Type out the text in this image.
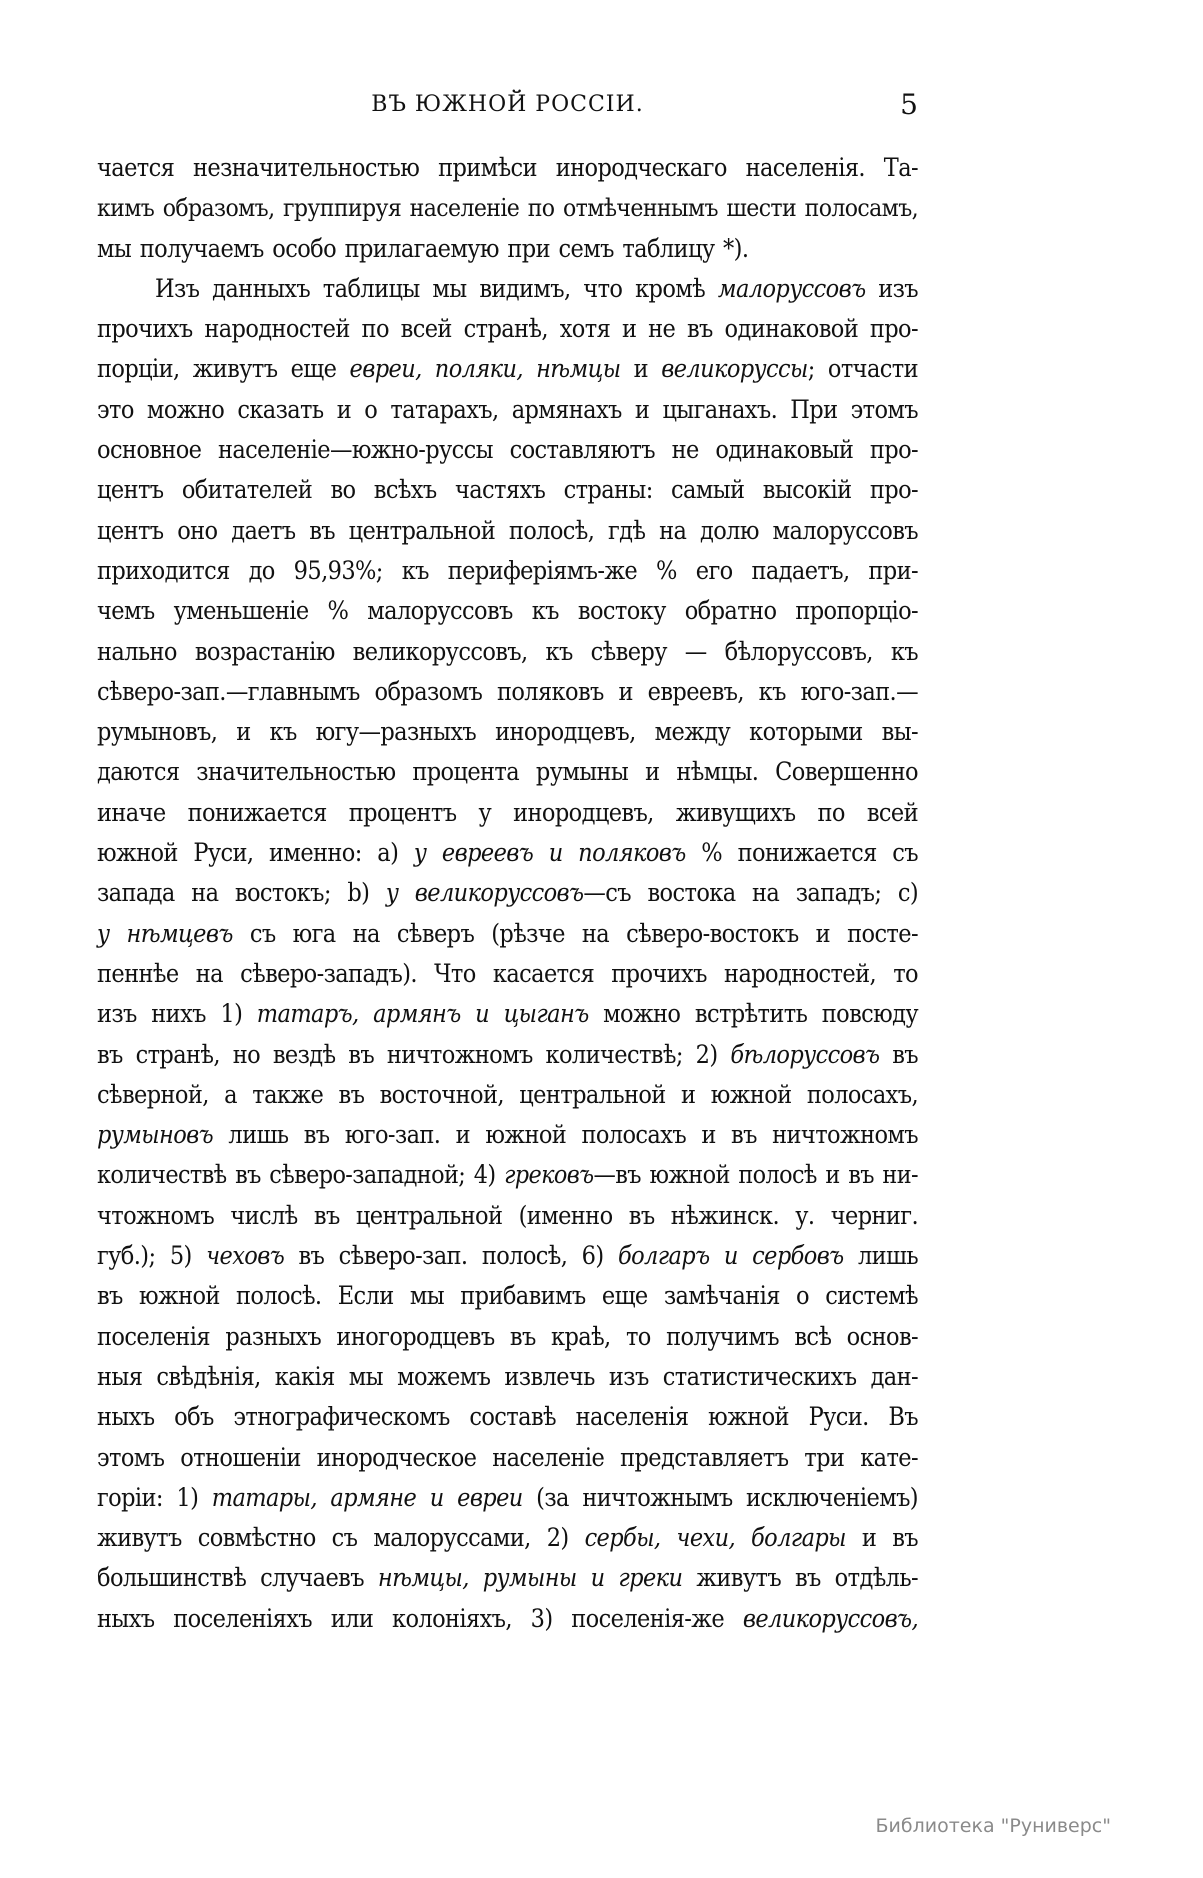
ВЪ ЮЖНОЙ РОССІИ.	5
чается незначительностью примѣси инородческаго населенія. Та-
кимъ образомъ, группируя населеніе по отмѣченнымъ шести полосамъ,
мы получаемъ особо прилагаемую при семъ таблицу *).
Изъ данныхъ таблицы мы видимъ, что кромѣ малоруссовъ изъ
прочихъ народностей по всей странѣ, хотя и не въ одинаковой про-
порціи, живутъ еще евреи, поляки, нѣмцы и великоруссы; отчасти
это можно сказать и о татарахъ, армянахъ и цыганахъ. При этомъ
основное населеніе—южно-руссы составляютъ не одинаковый про-
центъ обитателей во всѣхъ частяхъ страны: самый высокій про-
центъ оно даетъ въ центральной полосѣ, гдѣ на долю малоруссовъ
приходится до 95,93%; къ периферіямъ-же % его падаетъ, при-
чемъ уменьшеніе % малоруссовъ къ востоку обратно пропорціо-
нально возрастанію великоруссовъ, къ сѣверу — бѣлоруссовъ, къ
сѣверо-зап.—главнымъ образомъ поляковъ и евреевъ, къ юго-зап.—
румыновъ, и къ югу—разныхъ инородцевъ, между которыми вы-
даются значительностью процента румыны и нѣмцы. Совершенно
иначе понижается процентъ у инородцевъ, живущихъ по всей
южной Руси, именно: a) у евреевъ и поляковъ % понижается съ
запада на востокъ; b) у великоруссовъ—съ востока на западъ; c)
у нѣмцевъ съ юга на сѣверъ (рѣзче на сѣверо-востокъ и посте-
пеннѣе на сѣверо-западъ). Что касается прочихъ народностей, то
изъ нихъ 1) татаръ, армянъ и цыганъ можно встрѣтить повсюду
въ странѣ, но вездѣ въ ничтожномъ количествѣ; 2) бѣлоруссовъ въ
сѣверной, а также въ восточной, центральной и южной полосахъ,
румыновъ лишь въ юго-зап. и южной полосахъ и въ ничтожномъ
количествѣ въ сѣверо-западной; 4) грековъ—въ южной полосѣ и въ ни-
чтожномъ числѣ въ центральной (именно въ нѣжинск. у. черниг.
губ.); 5) чеховъ въ сѣверо-зап. полосѣ, 6) болгаръ и сербовъ лишь
въ южной полосѣ. Если мы прибавимъ еще замѣчанія о системѣ
поселенія разныхъ иногородцевъ въ краѣ, то получимъ всѣ основ-
ныя свѣдѣнія, какія мы можемъ извлечь изъ статистическихъ дан-
ныхъ объ этнографическомъ составѣ населенія южной Руси. Въ
этомъ отношеніи инородческое населеніе представляетъ три кате-
горіи: 1) татары, армяне и евреи (за ничтожнымъ исключеніемъ)
живутъ совмѣстно съ малоруссами, 2) сербы, чехи, болгары и въ
большинствѣ случаевъ нѣмцы, румыны и греки живутъ въ отдѣль-
ныхъ поселеніяхъ или колоніяхъ, 3) поселенія-же великоруссовъ,
Библиотека "Руниверс"
